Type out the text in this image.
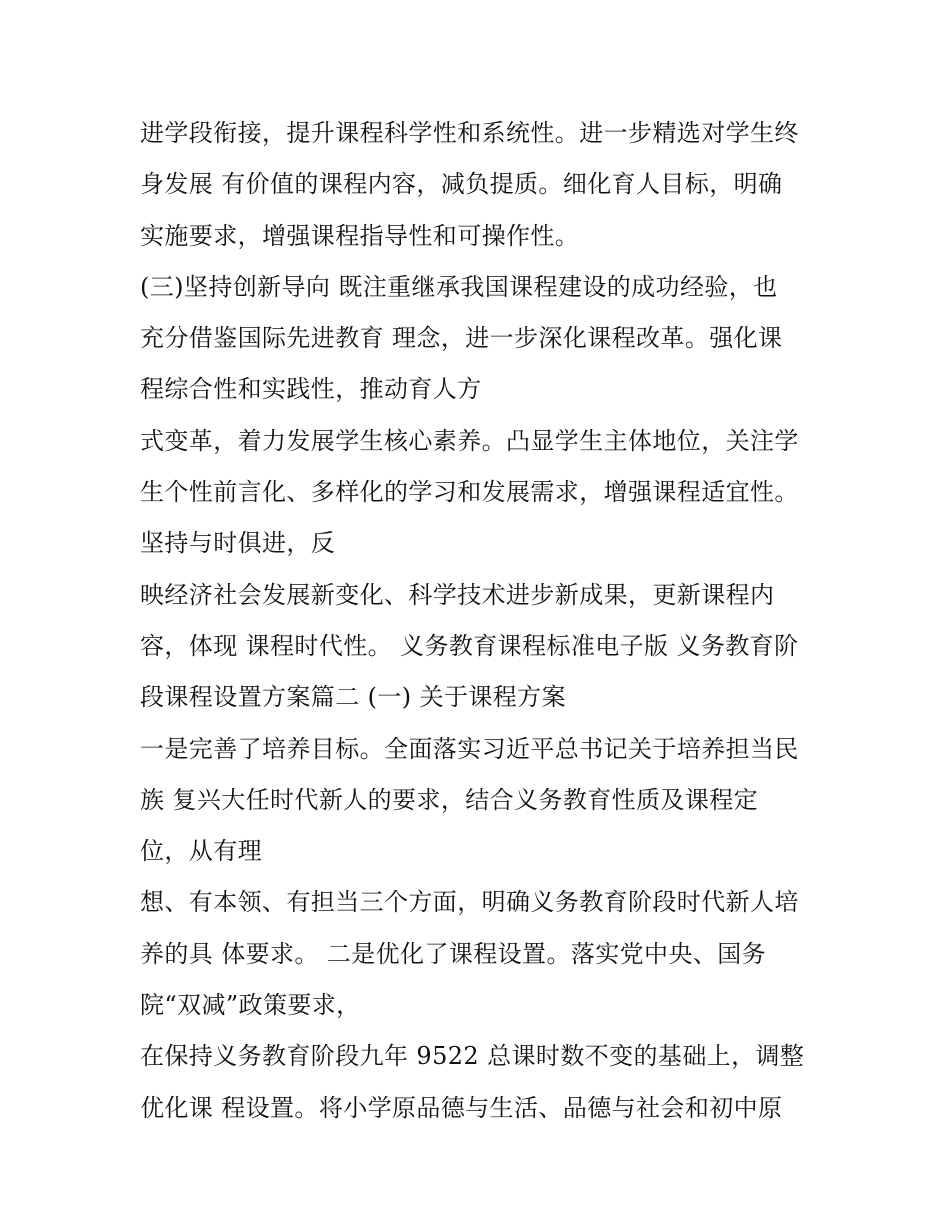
进学段衔接，提升课程科学性和系统性。进一步精选对学生终
身发展 有价值的课程内容，减负提质。细化育人目标，明确
实施要求，增强课程指导性和可操作性。
(三)坚持创新导向 既注重继承我国课程建设的成功经验，也
充分借鉴国际先进教育 理念，进一步深化课程改革。强化课
程综合性和实践性，推动育人方
式变革，着力发展学生核心素养。凸显学生主体地位，关注学
生个性前言化、多样化的学习和发展需求，增强课程适宜性。
坚持与时俱进，反
映经济社会发展新变化、科学技术进步新成果，更新课程内
容，体现 课程时代性。 义务教育课程标准电子版 义务教育阶
段课程设置方案篇二 (一) 关于课程方案
一是完善了培养目标。全面落实习近平总书记关于培养担当民
族 复兴大任时代新人的要求，结合义务教育性质及课程定
位，从有理
想、有本领、有担当三个方面，明确义务教育阶段时代新人培
养的具 体要求。 二是优化了课程设置。落实党中央、国务
院“双减”政策要求，
在保持义务教育阶段九年 9522 总课时数不变的基础上，调整
优化课 程设置。将小学原品德与生活、品德与社会和初中原
